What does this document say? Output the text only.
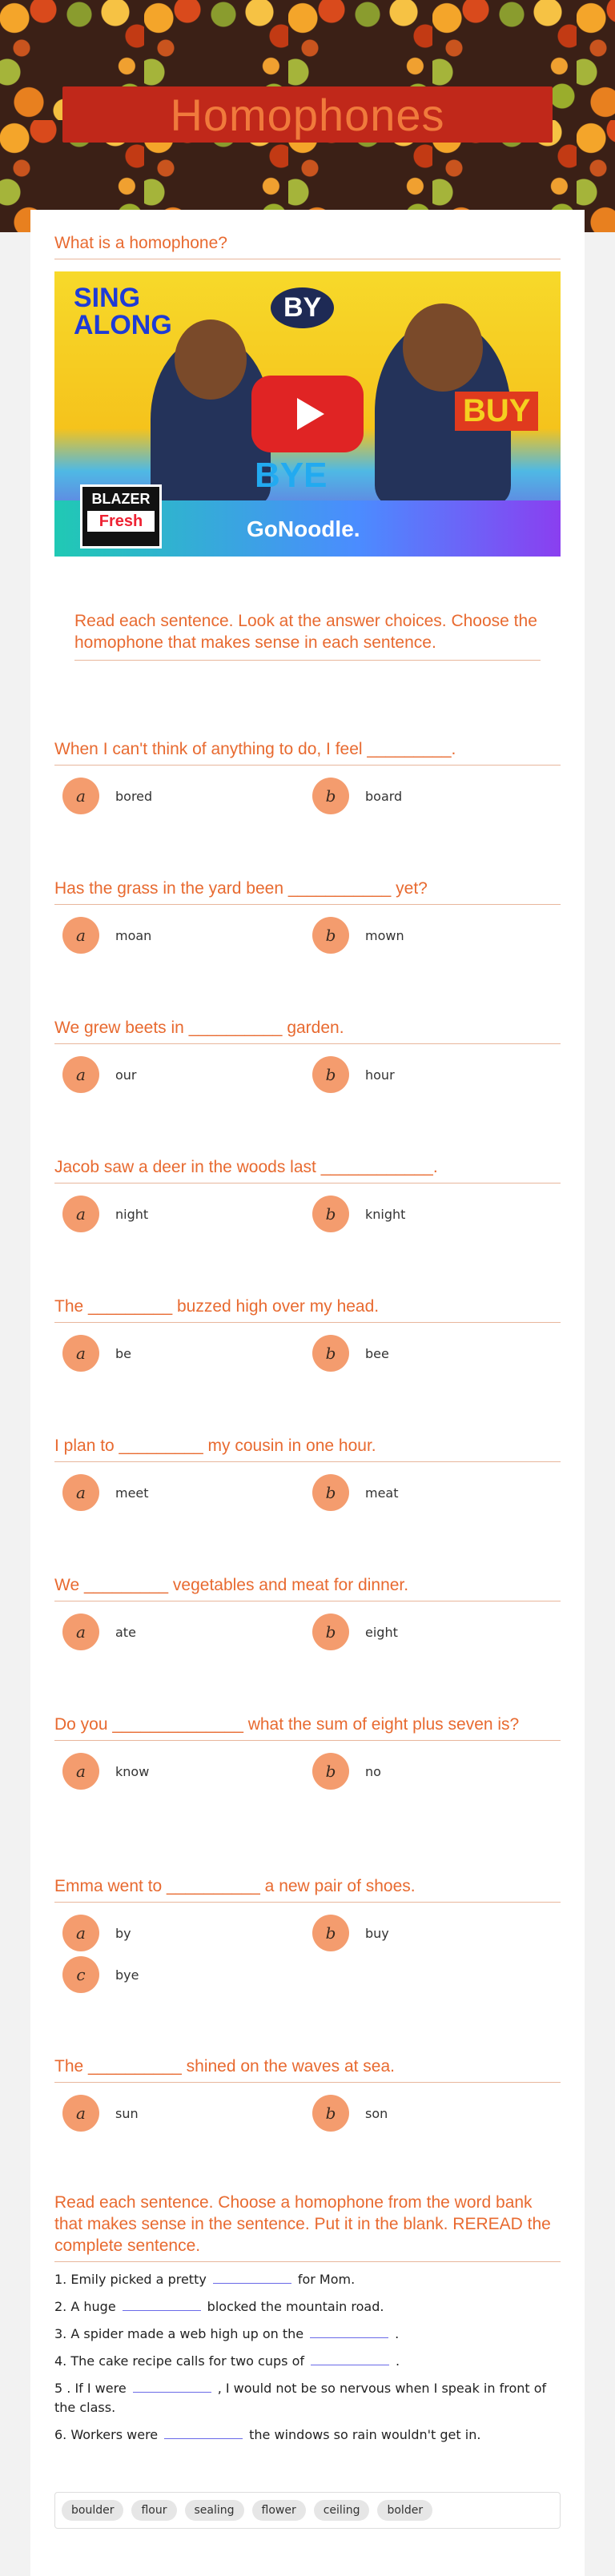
Homophones
What is a homophone?
SING
ALONG
BY
BUY
BYE
GoNoodle.
BLAZER
Fresh
Read each sentence. Look at the answer choices. Choose the homophone that makes sense in each sentence.
When I can't think of anything to do, I feel _________.
a	bored	b	board
Has the grass in the yard been ___________ yet?
a	moan	b	mown
We grew beets in __________ garden.
a	our	b	hour
Jacob saw a deer in the woods last ____________.
a	night	b	knight
The _________ buzzed high over my head.
a	be	b	bee
I plan to _________ my cousin in one hour.
a	meet	b	meat
We _________ vegetables and meat for dinner.
a	ate	b	eight
Do you ______________ what the sum of eight plus seven is?
a	know	b	no
Emma went to __________ a new pair of shoes.
a	by	b	buy
c	bye
The __________ shined on the waves at sea.
a	sun	b	son
Read each sentence. Choose a homophone from the word bank that makes sense in the sentence. Put it in the blank. REREAD the complete sentence.
1. Emily picked a pretty	for Mom.
2. A huge	blocked the mountain road.
3. A spider made a web high up on the	.
4. The cake recipe calls for two cups of	.
5 . If I were	, I would not be so nervous when I speak in front of the class.
6. Workers were	the windows so rain wouldn't get in.
boulder	flour	sealing	flower	ceiling	bolder
